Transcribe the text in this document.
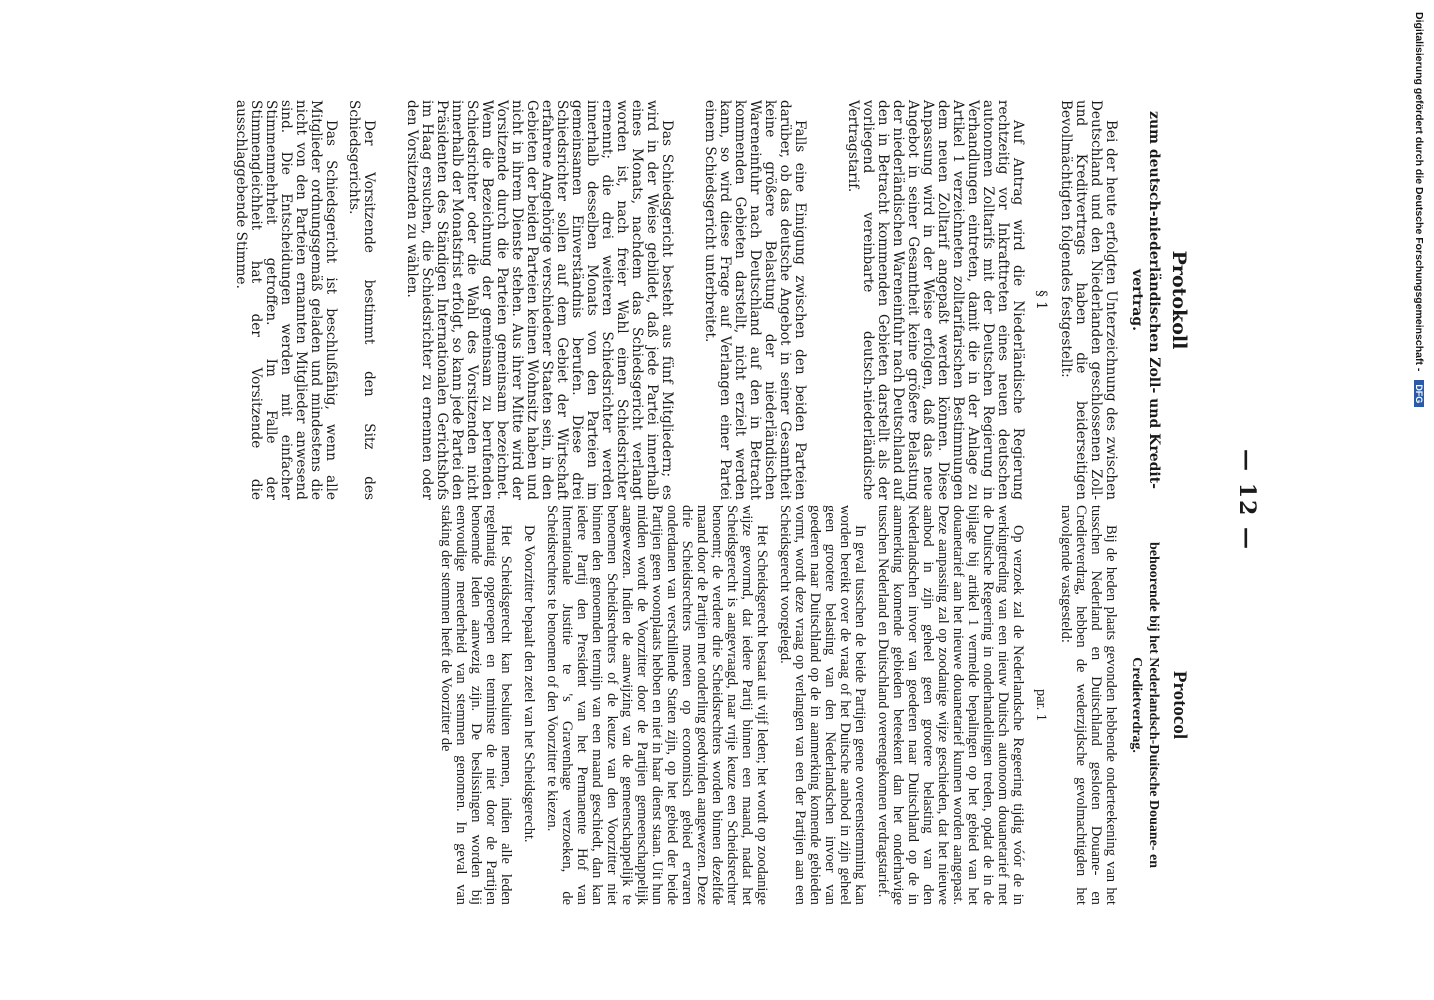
— 12 —
Protokoll
zum deutsch-niederländischen Zoll- und Kredit-vertrag.

Bei der heute erfolgten Unterzeichnung des zwischen Deutschland und den Niederlanden geschlossenen Zoll- und Kreditvertrags haben die beiderseitigen Bevollmächtigten folgendes festgestellt:

§ 1

Auf Antrag wird die Niederländische Regierung rechtzeitig vor Inkrafttreten eines neuen deutschen autonomen Zolltarifs mit der Deutschen Regierung in Verhandlungen eintreten, damit die in der Anlage zu Artikel 1 verzeichneten zolltarifarischen Bestimmungen dem neuen Zolltarif angepaßt werden können. Diese Anpassung wird in der Weise erfolgen, daß das neue Angebot in seiner Gesamtheit keine größere Belastung der niederländischen Wareneinfuhr nach Deutschland auf den in Betracht kommenden Gebieten darstellt als der vorliegend vereinbarte deutsch-niederländische Vertragstarif.

Falls eine Einigung zwischen den beiden Parteien darüber, ob das deutsche Angebot in seiner Gesamtheit keine größere Belastung der niederländischen Wareneinfuhr nach Deutschland auf den in Betracht kommenden Gebieten darstellt, nicht erzielt werden kann, so wird diese Frage auf Verlangen einer Partei einem Schiedsgericht unterbreitet.

Das Schiedsgericht besteht aus fünf Mitgliedern; es wird in der Weise gebildet, daß jede Partei innerhalb eines Monats, nachdem das Schiedsgericht verlangt worden ist, nach freier Wahl einen Schiedsrichter ernennt; die drei weiteren Schiedsrichter werden innerhalb desselben Monats von den Parteien im gemeinsamen Einverständnis berufen. Diese drei Schiedsrichter sollen auf dem Gebiet der Wirtschaft erfahrene Angehörige verschiedener Staaten sein, in den Gebieten der beiden Parteien keinen Wohnsitz haben und nicht in ihrem Dienste stehen. Aus ihrer Mitte wird der Vorsitzende durch die Parteien gemeinsam bezeichnet. Wenn die Bezeichnung der gemeinsam zu berufenden Schiedsrichter oder die Wahl des Vorsitzenden nicht innerhalb der Monatsfrist erfolgt, so kann jede Partei den Präsidenten des Ständigen Internationalen Gerichtshofs im Haag ersuchen, die Schiedsrichter zu ernennen oder den Vorsitzenden zu wählen.

Der Vorsitzende bestimmt den Sitz des Schiedsgerichts.

Das Schiedsgericht ist beschlußfähig, wenn alle Mitglieder ordnungsgemäß geladen und mindestens die nicht von den Parteien ernannten Mitglieder anwesend sind. Die Entscheidungen werden mit einfacher Stimmenmehrheit getroffen. Im Falle der Stimmengleichheit hat der Vorsitzende die ausschlaggebende Stimme.

Protocol
behoorende bij het Nederlandsch-Duitsche Douane- en Credietverdrag.

Bij de heden plaats gevonden hebbende onderteekening van het tusschen Nederland en Duitschland gesloten Douane- en Credietverdrag, hebben de wederzijdsche gevolmachtigden het navolgende vastgesteld:

par. 1

Op verzoek zal de Nederlandsche Regeering tijdig vóór de in werkingtreding van een nieuw Duitsch autonoom douanetarief met de Duitsche Regeering in onderhandelingen treden, opdat de in de bijlage bij artikel 1 vermelde bepalingen op het gebied van het douanetarief aan het nieuwe douanetarief kunnen worden aangepast. Deze aanpassing zal op zoodanige wijze geschieden, dat het nieuwe aanbod in zijn geheel geen grootere belasting van den Nederlandschen invoer van goederen naar Duitschland op de in aanmerking komende gebieden beteekent dan het onderhavige tusschen Nederland en Duitschland overeengekomen verdragstarief.

In geval tusschen de beide Partijen geene overeenstemming kan worden bereikt over de vraag of het Duitsche aanbod in zijn geheel geen grootere belasting van den Nederlandschen invoer van goederen naar Duitschland op de in aanmerking komende gebieden vormt, wordt deze vraag op verlangen van een der Partijen aan een Scheidsgerecht voorgelegd.

Het Scheidsgerecht bestaat uit vijf leden; het wordt op zoodanige wijze gevormd, dat iedere Partij binnen een maand, nadat het Scheidsgerecht is aangevraagd, naar vrije keuze een Scheidsrechter benoemt; de verdere drie Scheidsrechters worden binnen dezelfde maand door de Partijen met onderling goedvinden aangewezen. Deze drie Scheidsrechters moeten op economisch gebied ervaren onderdanen van verschillende Staten zijn, op het gebied der beide Partijen geen woonplaats hebben en niet in haar dienst staan. Uit hun midden wordt de Voorzitter door de Partijen gemeenschappelijk aangewezen. Indien de aanwijzing van de gemeenschappelijk te benoemen Scheidsrechters of de keuze van den Voorzitter niet binnen den genoemden termijn van een maand geschiedt, dan kan iedere Partij den President van het Permanente Hof van Internationale Justitie te 's Gravenhage verzoeken, de Scheidsrechters te benoemen of den Voorzitter te kiezen.

De Voorzitter bepaalt den zetel van het Scheidsgerecht.

Het Scheidsgerecht kan besluiten nemen, indien alle leden regelmatig opgeroepen en tenminste de niet door de Partijen benoemde leden aanwezig zijn. De beslissingen worden bij eenvoudige meerderheid van stemmen genomen. In geval van staking der stemmen heeft de Voorzitter de

Digitalisierung gefördert durch die Deutsche Forschungsgemeinschaft - DFG
